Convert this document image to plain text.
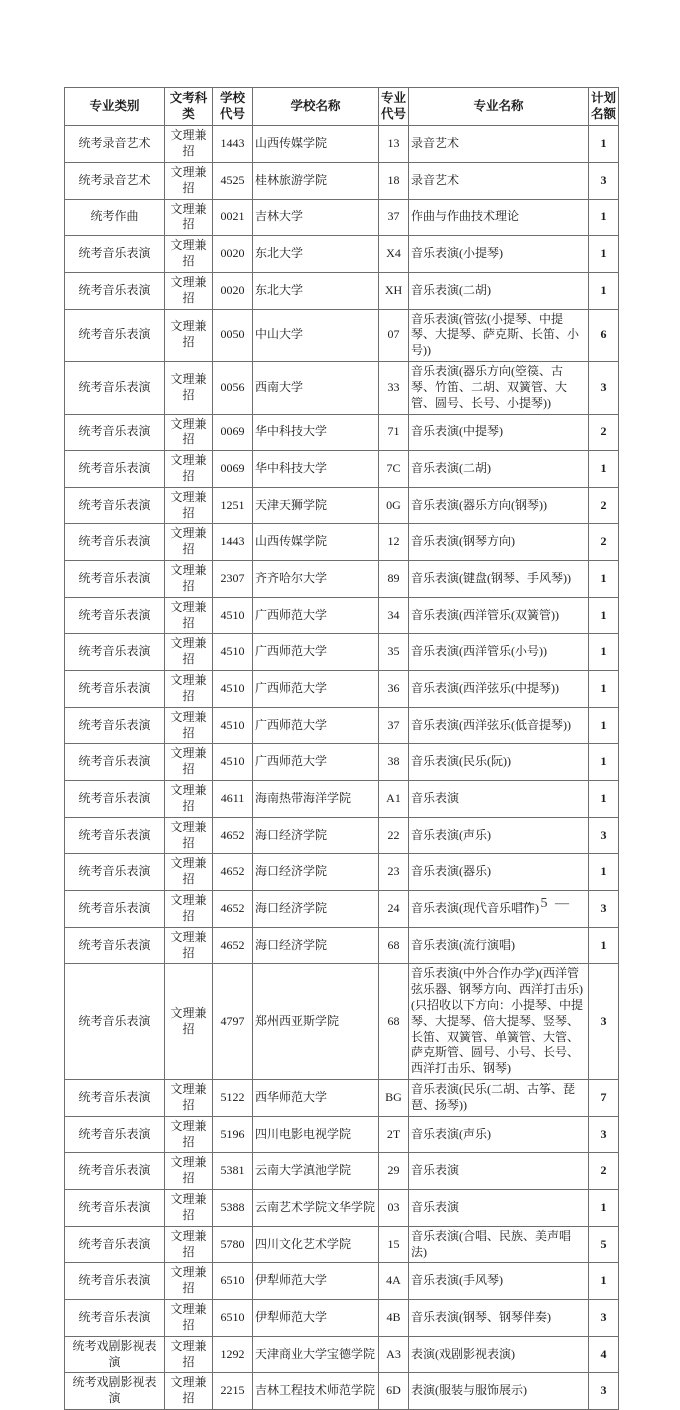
专业类别	文考科类	学校代号	学校名称	专业代号	专业名称	计划名额
统考录音艺术	文理兼招	1443	山西传媒学院	13	录音艺术	1
统考录音艺术	文理兼招	4525	桂林旅游学院	18	录音艺术	3
统考作曲	文理兼招	0021	吉林大学	37	作曲与作曲技术理论	1
统考音乐表演	文理兼招	0020	东北大学	X4	音乐表演(小提琴)	1
统考音乐表演	文理兼招	0020	东北大学	XH	音乐表演(二胡)	1
统考音乐表演	文理兼招	0050	中山大学	07	音乐表演(管弦(小提琴、中提琴、大提琴、萨克斯、长笛、小号))	6
统考音乐表演	文理兼招	0056	西南大学	33	音乐表演(器乐方向(箜篌、古琴、竹笛、二胡、双簧管、大管、圆号、长号、小提琴))	3
统考音乐表演	文理兼招	0069	华中科技大学	71	音乐表演(中提琴)	2
统考音乐表演	文理兼招	0069	华中科技大学	7C	音乐表演(二胡)	1
统考音乐表演	文理兼招	1251	天津天狮学院	0G	音乐表演(器乐方向(钢琴))	2
统考音乐表演	文理兼招	1443	山西传媒学院	12	音乐表演(钢琴方向)	2
统考音乐表演	文理兼招	2307	齐齐哈尔大学	89	音乐表演(键盘(钢琴、手风琴))	1
统考音乐表演	文理兼招	4510	广西师范大学	34	音乐表演(西洋管乐(双簧管))	1
统考音乐表演	文理兼招	4510	广西师范大学	35	音乐表演(西洋管乐(小号))	1
统考音乐表演	文理兼招	4510	广西师范大学	36	音乐表演(西洋弦乐(中提琴))	1
统考音乐表演	文理兼招	4510	广西师范大学	37	音乐表演(西洋弦乐(低音提琴))	1
统考音乐表演	文理兼招	4510	广西师范大学	38	音乐表演(民乐(阮))	1
统考音乐表演	文理兼招	4611	海南热带海洋学院	A1	音乐表演	1
统考音乐表演	文理兼招	4652	海口经济学院	22	音乐表演(声乐)	3
统考音乐表演	文理兼招	4652	海口经济学院	23	音乐表演(器乐)	1
统考音乐表演	文理兼招	4652	海口经济学院	24	音乐表演(现代音乐唱作)	3
统考音乐表演	文理兼招	4652	海口经济学院	68	音乐表演(流行演唱)	1
统考音乐表演	文理兼招	4797	郑州西亚斯学院	68	音乐表演(中外合作办学)(西洋管弦乐器、钢琴方向、西洋打击乐)(只招收以下方向：小提琴、中提琴、大提琴、倍大提琴、竖琴、长笛、双簧管、单簧管、大管、萨克斯管、圆号、小号、长号、西洋打击乐、钢琴)	3
统考音乐表演	文理兼招	5122	西华师范大学	BG	音乐表演(民乐(二胡、古筝、琵琶、扬琴))	7
统考音乐表演	文理兼招	5196	四川电影电视学院	2T	音乐表演(声乐)	3
统考音乐表演	文理兼招	5381	云南大学滇池学院	29	音乐表演	2
统考音乐表演	文理兼招	5388	云南艺术学院文华学院	03	音乐表演	1
统考音乐表演	文理兼招	5780	四川文化艺术学院	15	音乐表演(合唱、民族、美声唱法)	5
统考音乐表演	文理兼招	6510	伊犁师范大学	4A	音乐表演(手风琴)	1
统考音乐表演	文理兼招	6510	伊犁师范大学	4B	音乐表演(钢琴、钢琴伴奏)	3
统考戏剧影视表演	文理兼招	1292	天津商业大学宝德学院	A3	表演(戏剧影视表演)	4
统考戏剧影视表演	文理兼招	2215	吉林工程技术师范学院	6D	表演(服装与服饰展示)	3
— 5 —
